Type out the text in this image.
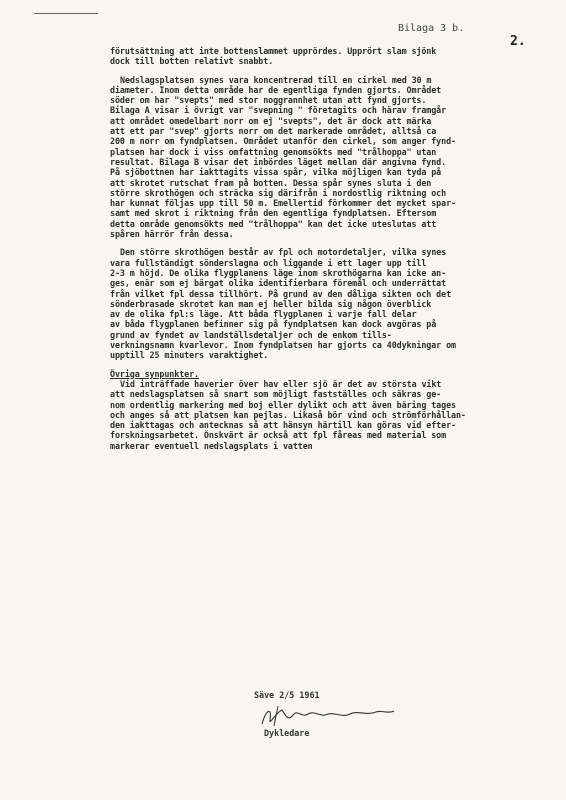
Bilaga 3 b.
2.
förutsättning att inte bottenslammet upprördes. Upprört slam sjönk
dock till botten relativt snabbt.
Nedslagsplatsen synes vara koncentrerad till en cirkel med 30 m
diameter. Inom detta område har de egentliga fynden gjorts. Området
söder om har "svepts" med stor noggrannhet utan att fynd gjorts.
Bilaga A visar i övrigt var "svepning " företagits och härav framgår
att området omedelbart norr om ej "svepts", det är dock att märka
att ett par "svep" gjorts norr om det markerade området, alltså ca
200 m norr om fyndplatsen. Området utanför den cirkel, som anger fynd-
platsen har dock i viss omfattning genomsökts med "trålhoppa" utan
resultat. Bilaga B visar det inbördes läget mellan där angivna fynd.
På sjöbottnen har iakttagits vissa spår, vilka möjligen kan tyda på
att skrotet rutschat fram på botten. Dessa spår synes sluta i den
större skrothögen och sträcka sig därifrån i nordostlig riktning och
har kunnat följas upp till 50 m. Emellertid förkommer det mycket spar-
samt med skrot i riktning från den egentliga fyndplatsen. Eftersom
detta område genomsökts med "trålhoppa" kan det icke uteslutas att
spåren härrör från dessa.
Den större skrothögen består av fpl och motordetaljer, vilka synes
vara fullständigt sönderslagna och liggande i ett lager upp till
2-3 m höjd. De olika flygplanens läge inom skrothögarna kan icke an-
ges, enär som ej bärgat olika identifierbara föremål och underrättat
från vilket fpl dessa tillhört. På grund av den dåliga sikten och det
sönderbrasade skrotet kan man ej heller bilda sig någon överblick
av de olika fpl:s läge. Att båda flygplanen i varje fall delar
av båda flygplanen befinner sig på fyndplatsen kan dock avgöras på
grund av fyndet av landställsdetaljer och de enkom tills-
verkningsnamn kvarlevor. Inom fyndplatsen har gjorts ca 40dykningar om
upptill 25 minuters varaktighet.
Övriga synpunkter.
Vid inträffade haverier över hav eller sjö är det av största vikt
att nedslagsplatsen så snart som möjligt fastställes och säkras ge-
nom ordentlig markering med boj eller dylikt och att även bäring tages
och anges så att platsen kan pejlas. Likaså bör vind och strömförhållan-
den iakttagas och antecknas så att hänsyn härtill kan göras vid efter-
forskningsarbetet. Önskvärt är också att fpl fåreas med material som
markerar eventuell nedslagsplats i vatten
Säve 2/5 1961
Dykledare
